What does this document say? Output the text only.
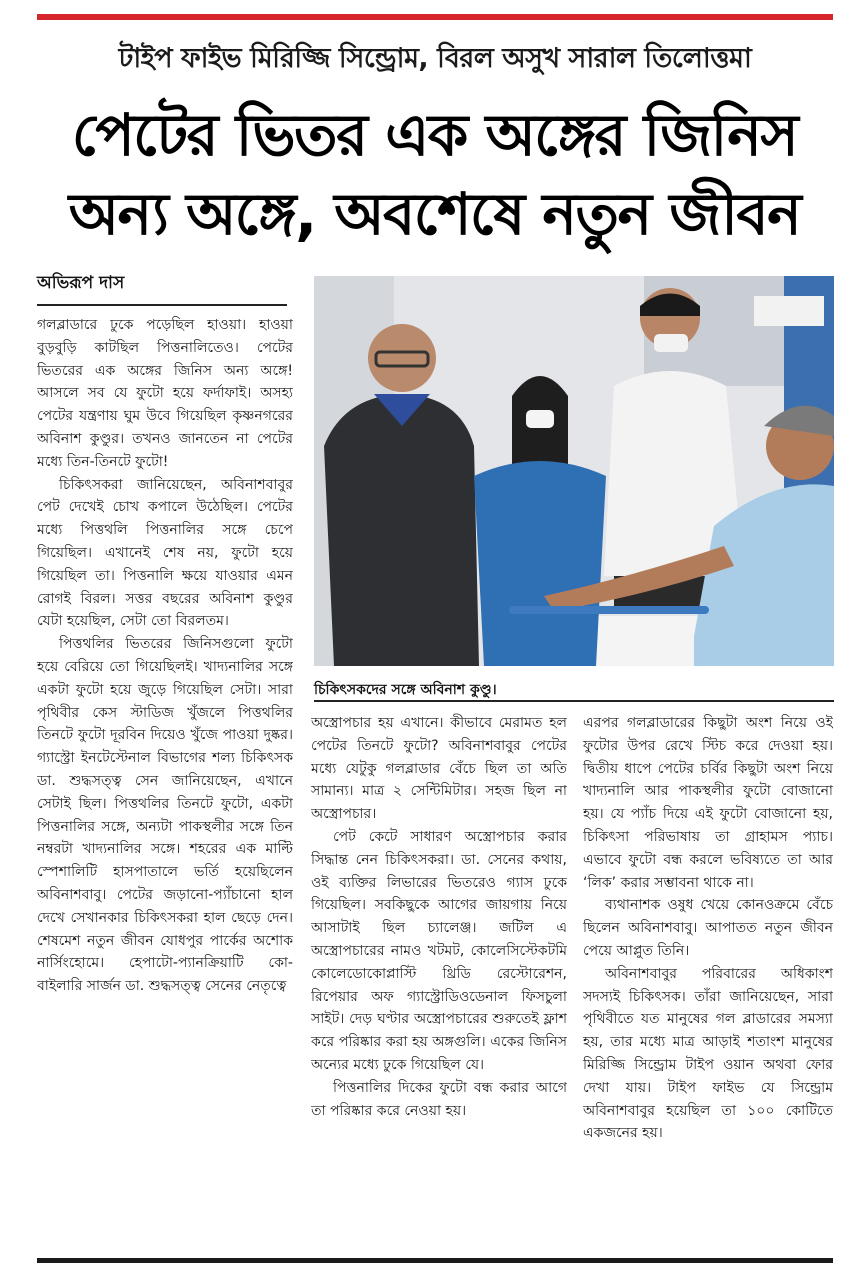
টাইপ ফাইভ মিরিজ্জি সিন্ড্রোম, বিরল অসুখ সারাল তিলোত্তমা
পেটের ভিতর এক অঙ্গের জিনিস
অন্য অঙ্গে, অবশেষে নতুন জীবন
অভিরূপ দাস
চিকিৎসকদের সঙ্গে অবিনাশ কুণ্ডু।

গলব্লাডারে ঢুকে পড়েছিল হাওয়া। হাওয়া বুড়বুড়ি কাটছিল পিত্তনালিতেও। পেটের ভিতরের এক অঙ্গের জিনিস অন্য অঙ্গে! আসলে সব যে ফুটো হয়ে ফর্দাফাই। অসহ্য পেটের যন্ত্রণায় ঘুম উবে গিয়েছিল কৃষ্ণনগরের অবিনাশ কুণ্ডুর। তখনও জানতেন না পেটের মধ্যে তিন-তিনটে ফুটো!

চিকিৎসকরা জানিয়েছেন, অবিনাশবাবুর পেট দেখেই চোখ কপালে উঠেছিল। পেটের মধ্যে পিত্তথলি পিত্তনালির সঙ্গে চেপে গিয়েছিল। এখানেই শেষ নয়, ফুটো হয়ে গিয়েছিল তা। পিত্তনালি ক্ষয়ে যাওয়ার এমন রোগই বিরল। সত্তর বছরের অবিনাশ কুণ্ডুর যেটা হয়েছিল, সেটা তো বিরলতম।

পিত্তথলির ভিতরের জিনিসগুলো ফুটো হয়ে বেরিয়ে তো গিয়েছিলই। খাদ্যনালির সঙ্গে একটা ফুটো হয়ে জুড়ে গিয়েছিল সেটা। সারা পৃথিবীর কেস স্টাডিজ খুঁজলে পিত্তথলির তিনটে ফুটো দূরবিন দিয়েও খুঁজে পাওয়া দুষ্কর। গ্যাস্ট্রো ইনটেস্টেনাল বিভাগের শল্য চিকিৎসক ডা. শুদ্ধসত্ত্ব সেন জানিয়েছেন, এখানে সেটাই ছিল। পিত্তথলির তিনটে ফুটো, একটা পিত্তনালির সঙ্গে, অন্যটা পাকস্থলীর সঙ্গে তিন নম্বরটা খাদ্যনালির সঙ্গে। শহরের এক মাল্টি স্পেশালিটি হাসপাতালে ভর্তি হয়েছিলেন অবিনাশবাবু। পেটের জড়ানো-প্যাঁচানো হাল দেখে সেখানকার চিকিৎসকরা হাল ছেড়ে দেন। শেষমেশ নতুন জীবন যোধপুর পার্কের অশোক নার্সিংহোমে। হেপাটো-প্যানক্রিয়াটি কো-বাইলারি সার্জন ডা. শুদ্ধসত্ত্ব সেনের নেতৃত্বে

অস্ত্রোপচার হয় এখানে। কীভাবে মেরামত হল পেটের তিনটে ফুটো? অবিনাশবাবুর পেটের মধ্যে যেটুকু গলব্লাডার বেঁচে ছিল তা অতি সামান্য। মাত্র ২ সেন্টিমিটার। সহজ ছিল না অস্ত্রোপচার।

পেট কেটে সাধারণ অস্ত্রোপচার করার সিদ্ধান্ত নেন চিকিৎসকরা। ডা. সেনের কথায়, ওই ব্যক্তির লিভারের ভিতরেও গ্যাস ঢুকে গিয়েছিল। সবকিছুকে আগের জায়গায় নিয়ে আসাটাই ছিল চ্যালেঞ্জ। জটিল এ অস্ত্রোপচারের নামও খটমট, কোলেসিস্টেকটমি কোলেডোকোপ্লাস্টি থ্রিডি রেস্টোরেশন, রিপেয়ার অফ গ্যাস্ট্রোডিওডেনাল ফিসচুলা সাইট। দেড় ঘণ্টার অস্ত্রোপচারের শুরুতেই ফ্লাশ করে পরিষ্কার করা হয় অঙ্গগুলি। একের জিনিস অন্যের মধ্যে ঢুকে গিয়েছিল যে।

পিত্তনালির দিকের ফুটো বন্ধ করার আগে তা পরিষ্কার করে নেওয়া হয়।

এরপর গলব্লাডারের কিছুটা অংশ নিয়ে ওই ফুটোর উপর রেখে স্টিচ করে দেওয়া হয়। দ্বিতীয় ধাপে পেটের চর্বির কিছুটা অংশ নিয়ে খাদ্যনালি আর পাকস্থলীর ফুটো বোজানো হয়। যে প্যাঁচ দিয়ে এই ফুটো বোজানো হয়, চিকিৎসা পরিভাষায় তা গ্রাহামস প্যাচ। এভাবে ফুটো বন্ধ করলে ভবিষ্যতে তা আর ‘লিক’ করার সম্ভাবনা থাকে না।

ব্যথানাশক ওষুধ খেয়ে কোনওক্রমে বেঁচে ছিলেন অবিনাশবাবু। আপাতত নতুন জীবন পেয়ে আপ্লুত তিনি।

অবিনাশবাবুর পরিবারের অধিকাংশ সদস্যই চিকিৎসক। তাঁরা জানিয়েছেন, সারা পৃথিবীতে যত মানুষের গল ব্লাডারের সমস্যা হয়, তার মধ্যে মাত্র আড়াই শতাংশ মানুষের মিরিজ্জি সিন্ড্রোম টাইপ ওয়ান অথবা ফোর দেখা যায়। টাইপ ফাইভ যে সিন্ড্রোম অবিনাশবাবুর হয়েছিল তা ১০০ কোটিতে একজনের হয়।
